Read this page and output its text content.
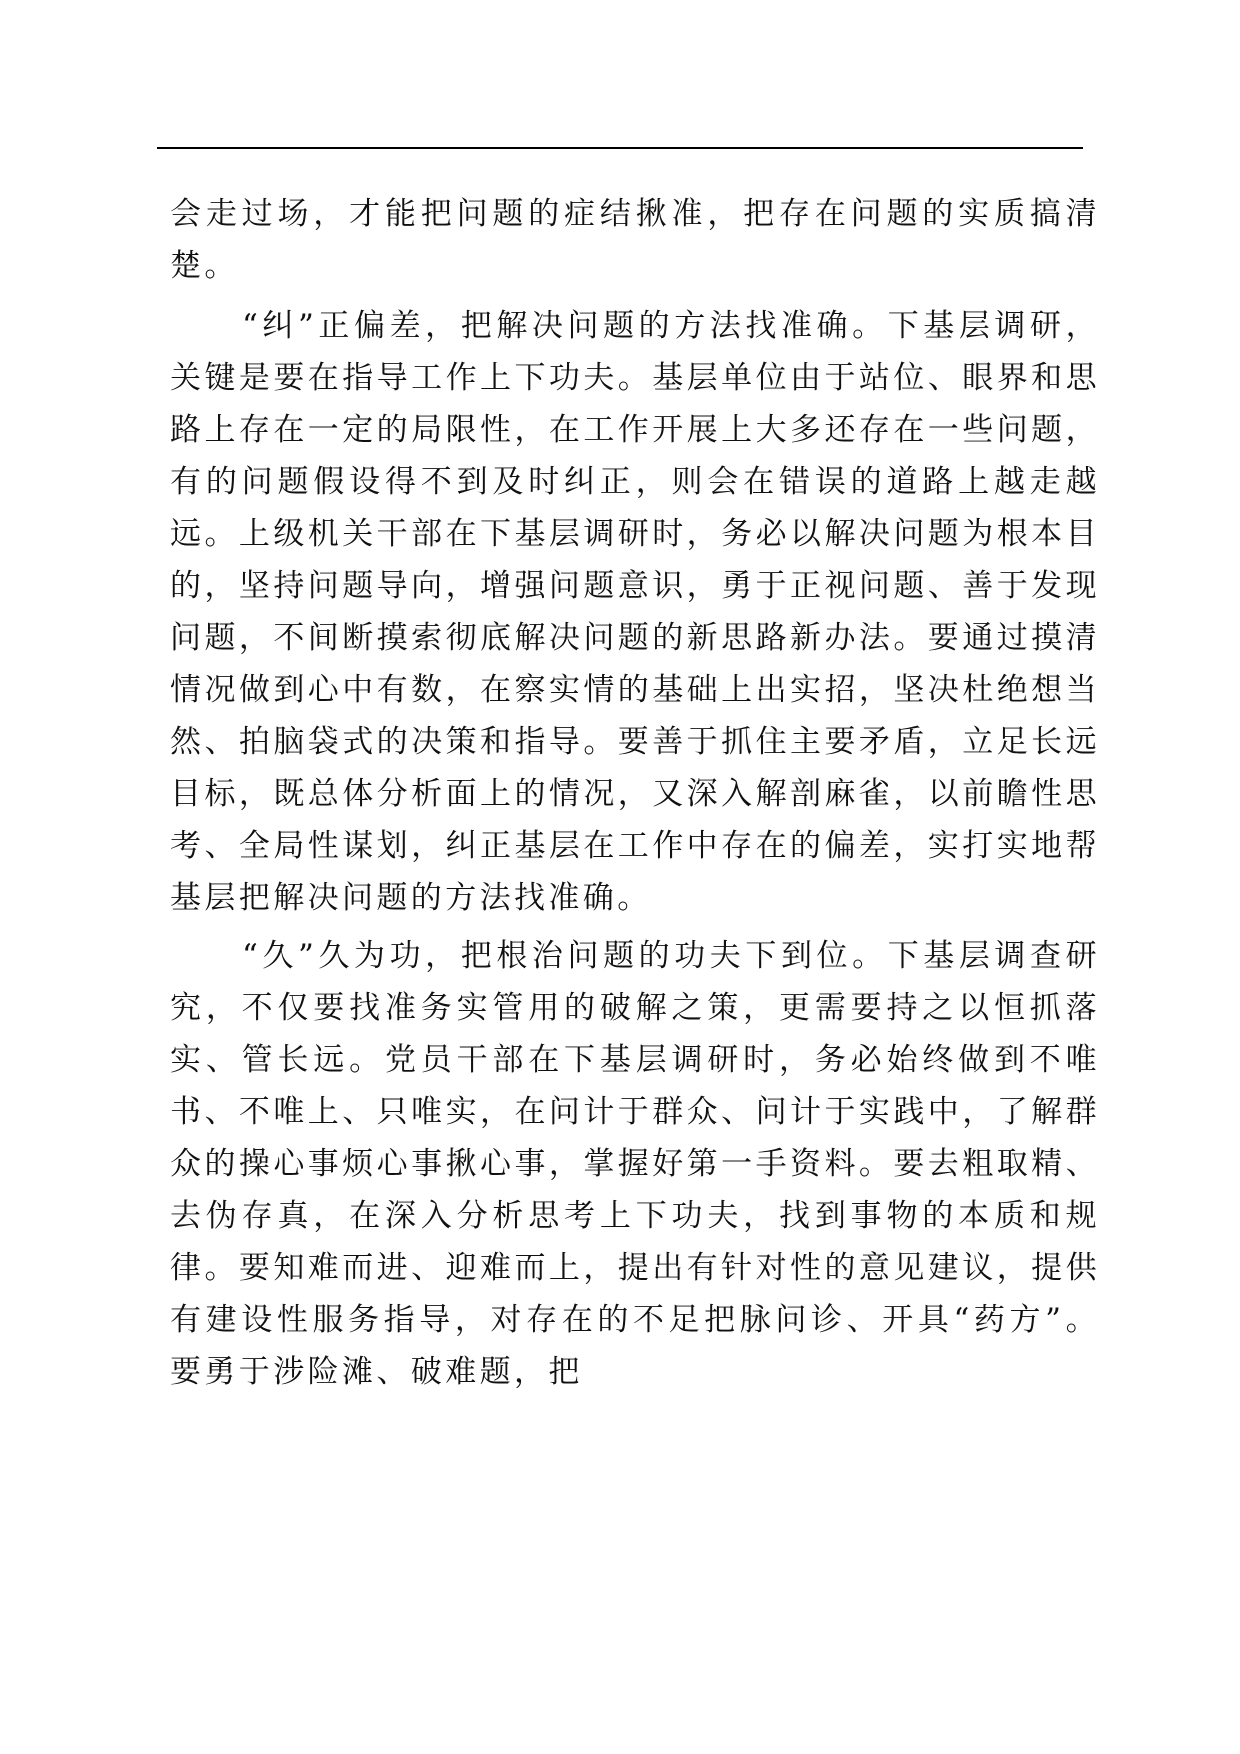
会走过场，才能把问题的症结揪准，把存在问题的实质搞清楚。

“纠”正偏差，把解决问题的方法找准确。下基层调研，关键是要在指导工作上下功夫。基层单位由于站位、眼界和思路上存在一定的局限性，在工作开展上大多还存在一些问题，有的问题假设得不到及时纠正，则会在错误的道路上越走越远。上级机关干部在下基层调研时，务必以解决问题为根本目的，坚持问题导向，增强问题意识，勇于正视问题、善于发现问题，不间断摸索彻底解决问题的新思路新办法。要通过摸清情况做到心中有数，在察实情的基础上出实招，坚决杜绝想当然、拍脑袋式的决策和指导。要善于抓住主要矛盾，立足长远目标，既总体分析面上的情况，又深入解剖麻雀，以前瞻性思考、全局性谋划，纠正基层在工作中存在的偏差，实打实地帮基层把解决问题的方法找准确。

“久”久为功，把根治问题的功夫下到位。下基层调查研究，不仅要找准务实管用的破解之策，更需要持之以恒抓落实、管长远。党员干部在下基层调研时，务必始终做到不唯书、不唯上、只唯实，在问计于群众、问计于实践中，了解群众的操心事烦心事揪心事，掌握好第一手资料。要去粗取精、去伪存真，在深入分析思考上下功夫，找到事物的本质和规律。要知难而进、迎难而上，提出有针对性的意见建议，提供有建设性服务指导，对存在的不足把脉问诊、开具“药方”。要勇于涉险滩、破难题，把
